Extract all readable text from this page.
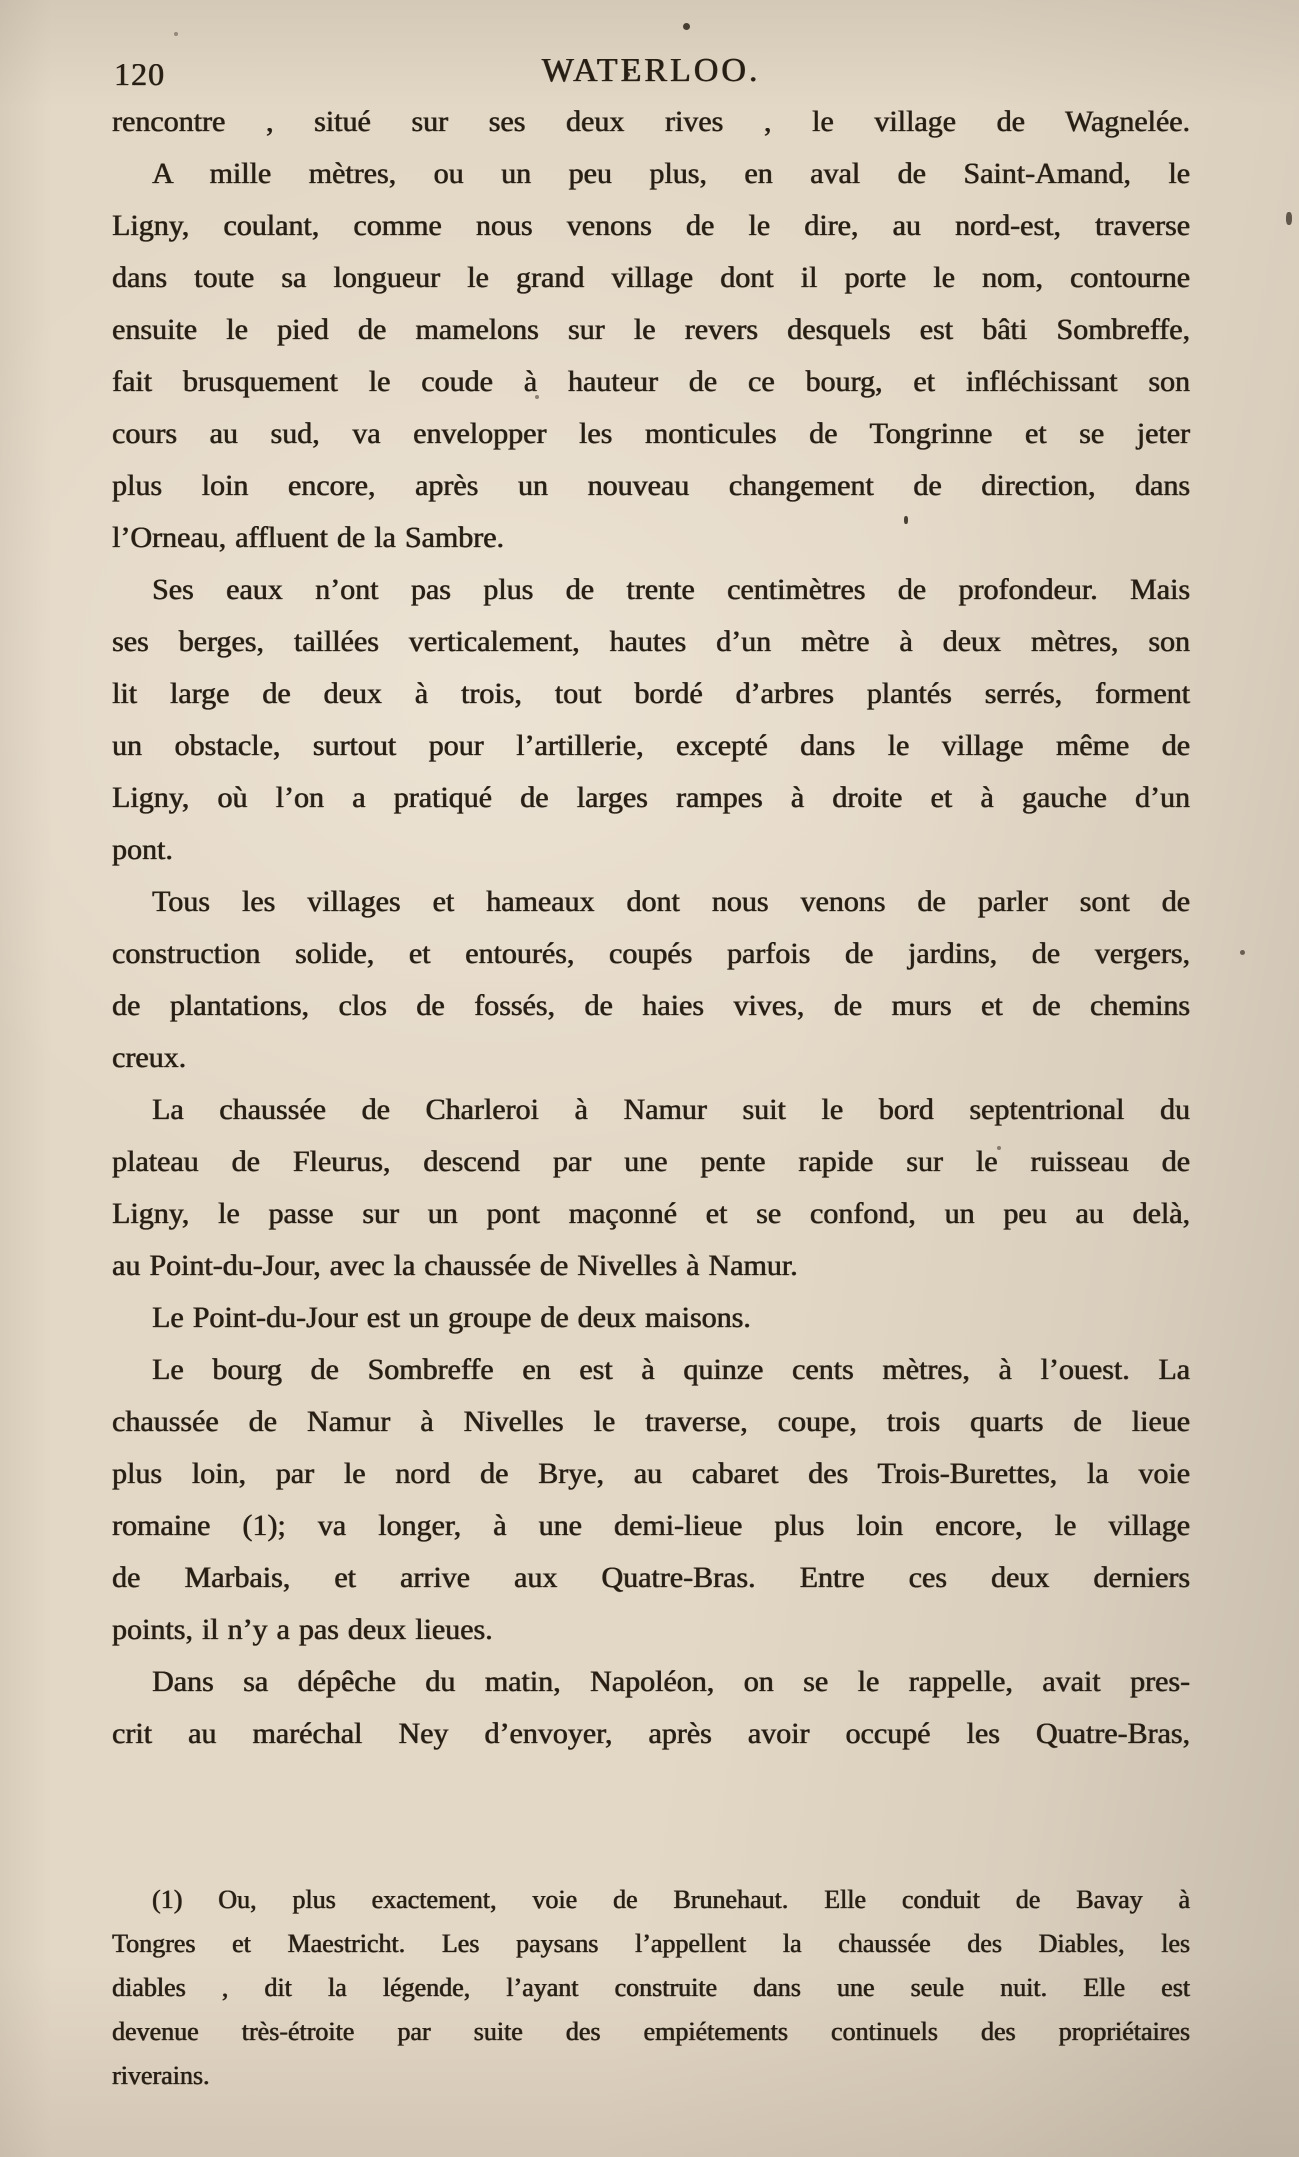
120	WATERLOO.
rencontre , situé sur ses deux rives , le village de Wagnelée.
A mille mètres, ou un peu plus, en aval de Saint-Amand, le
Ligny, coulant, comme nous venons de le dire, au nord-est, traverse
dans toute sa longueur le grand village dont il porte le nom, contourne
ensuite le pied de mamelons sur le revers desquels est bâti Sombreffe,
fait brusquement le coude à hauteur de ce bourg, et infléchissant son
cours au sud, va envelopper les monticules de Tongrinne et se jeter
plus loin encore, après un nouveau changement de direction, dans
l’Orneau, affluent de la Sambre.
Ses eaux n’ont pas plus de trente centimètres de profondeur. Mais
ses berges, taillées verticalement, hautes d’un mètre à deux mètres, son
lit large de deux à trois, tout bordé d’arbres plantés serrés, forment
un obstacle, surtout pour l’artillerie, excepté dans le village même de
Ligny, où l’on a pratiqué de larges rampes à droite et à gauche d’un
pont.
Tous les villages et hameaux dont nous venons de parler sont de
construction solide, et entourés, coupés parfois de jardins, de vergers,
de plantations, clos de fossés, de haies vives, de murs et de chemins
creux.
La chaussée de Charleroi à Namur suit le bord septentrional du
plateau de Fleurus, descend par une pente rapide sur le ruisseau de
Ligny, le passe sur un pont maçonné et se confond, un peu au delà,
au Point-du-Jour, avec la chaussée de Nivelles à Namur.
Le Point-du-Jour est un groupe de deux maisons.
Le bourg de Sombreffe en est à quinze cents mètres, à l’ouest. La
chaussée de Namur à Nivelles le traverse, coupe, trois quarts de lieue
plus loin, par le nord de Brye, au cabaret des Trois-Burettes, la voie
romaine (1); va longer, à une demi-lieue plus loin encore, le village
de Marbais, et arrive aux Quatre-Bras. Entre ces deux derniers
points, il n’y a pas deux lieues.
Dans sa dépêche du matin, Napoléon, on se le rappelle, avait pres-
crit au maréchal Ney d’envoyer, après avoir occupé les Quatre-Bras,
(1) Ou, plus exactement, voie de Brunehaut. Elle conduit de Bavay à
Tongres et Maestricht. Les paysans l’appellent la chaussée des Diables, les
diables , dit la légende, l’ayant construite dans une seule nuit. Elle est
devenue très-étroite par suite des empiétements continuels des propriétaires
riverains.
